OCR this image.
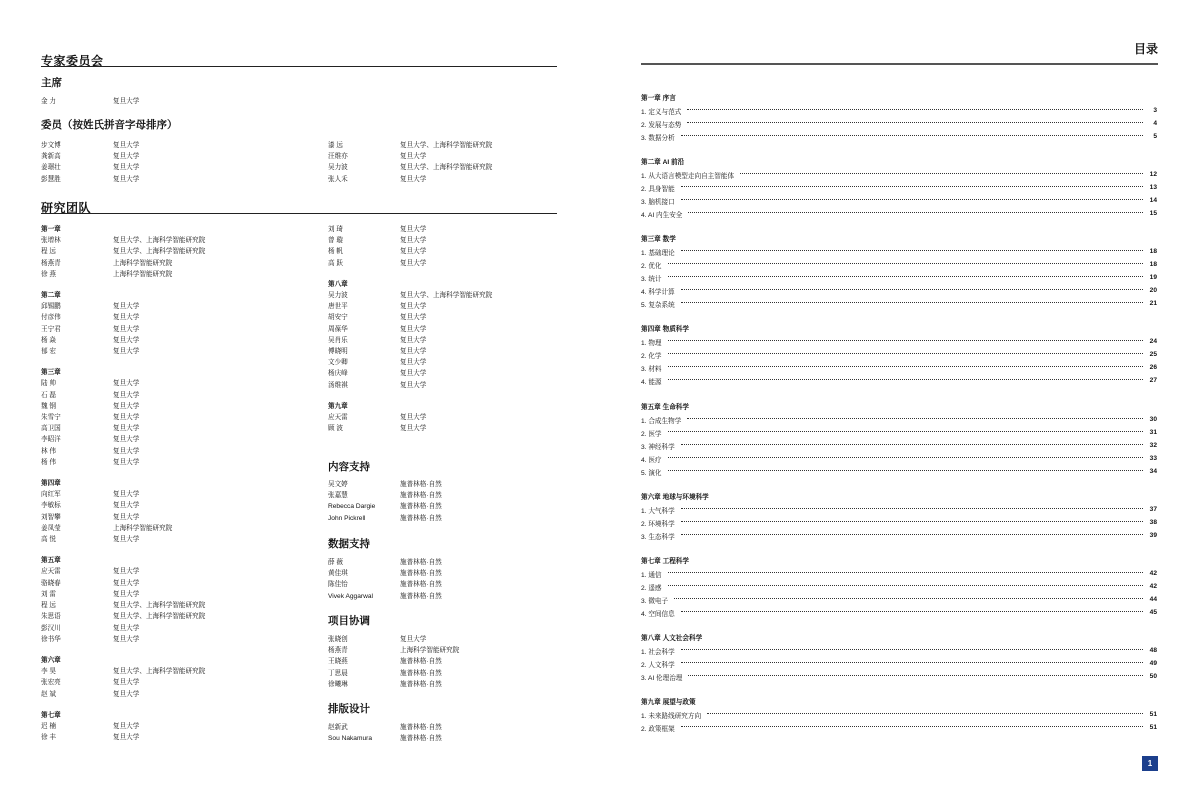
专家委员会
主席
金 力	复旦大学
委员（按姓氏拼音字母排序）
步文博	复旦大学
龚新高	复旦大学
姜璟壮	复旦大学
彭慧胜	复旦大学
漆 远	复旦大学、上海科学智能研究院
汪维亦	复旦大学
吴力波	复旦大学、上海科学智能研究院
张人禾	复旦大学
研究团队
第一章
张增林	复旦大学、上海科学智能研究院
程 远	复旦大学、上海科学智能研究院
杨燕青	上海科学智能研究院
徐 燕	上海科学智能研究院
第二章
邱锡鹏	复旦大学
付彦伟	复旦大学
王宁君	复旦大学
杨 焱	复旦大学
郁 宏	复旦大学
第三章
陆 帅	复旦大学
石 磊	复旦大学
魏 钢	复旦大学
朱雪宁	复旦大学
高卫国	复旦大学
李昭洋	复旦大学
林 伟	复旦大学
杨 伟	复旦大学
第四章
向红军	复旦大学
李敏标	复旦大学
刘智攀	复旦大学
姜凤莹	上海科学智能研究院
高 悦	复旦大学
第五章
应天雷	复旦大学
骆晓春	复旦大学
刘 雷	复旦大学
程 远	复旦大学、上海科学智能研究院
朱思语	复旦大学、上海科学智能研究院
彭汉川	复旦大学
徐书华	复旦大学
第六章
李 昊	复旦大学、上海科学智能研究院
张宏亮	复旦大学
赵 斌	复旦大学
第七章
迟 楠	复旦大学
徐 丰	复旦大学
刘 琦	复旦大学
曾 璇	复旦大学
杨 帆	复旦大学
高 跃	复旦大学
第八章
吴力波	复旦大学、上海科学智能研究院
唐世平	复旦大学
胡安宁	复旦大学
周葆华	复旦大学
吴肖乐	复旦大学
傅晓明	复旦大学
文少卿	复旦大学
杨庆峰	复旦大学
汤维祺	复旦大学
第九章
应天雷	复旦大学
顾 波	复旦大学
内容支持
吴文婷	施普林格·自然
张嘉慧	施普林格·自然
Rebecca Dargie	施普林格·自然
John Pickrell	施普林格·自然
数据支持
薛 薇	施普林格·自然
黄佳琪	施普林格·自然
陈佳怡	施普林格·自然
Vivek Aggarwal	施普林格·自然
项目协调
张晓创	复旦大学
杨燕青	上海科学智能研究院
王晓燕	施普林格·自然
丁思晨	施普林格·自然
徐曦琳	施普林格·自然
排版设计
赵新武	施普林格·自然
Sou Nakamura	施普林格·自然
目录
第一章 序言
1. 定义与范式	3
2. 发展与态势	4
3. 数据分析	5
第二章 AI 前沿
1. 从大语言模型走向自主智能体	12
2. 具身智能	13
3. 脑机接口	14
4. AI 内生安全	15
第三章 数学
1. 基础理论	18
2. 优化	18
3. 统计	19
4. 科学计算	20
5. 复杂系统	21
第四章 物质科学
1. 物理	24
2. 化学	25
3. 材料	26
4. 能源	27
第五章 生命科学
1. 合成生物学	30
2. 医学	31
3. 神经科学	32
4. 医疗	33
5. 演化	34
第六章 地球与环境科学
1. 大气科学	37
2. 环境科学	38
3. 生态科学	39
第七章 工程科学
1. 通信	42
2. 遥感	42
3. 微电子	44
4. 空间信息	45
第八章 人文社会科学
1. 社会科学	48
2. 人文科学	49
3. AI 伦理治理	50
第九章 展望与政策
1. 未来路线研究方向	51
2. 政策框架	51
1
